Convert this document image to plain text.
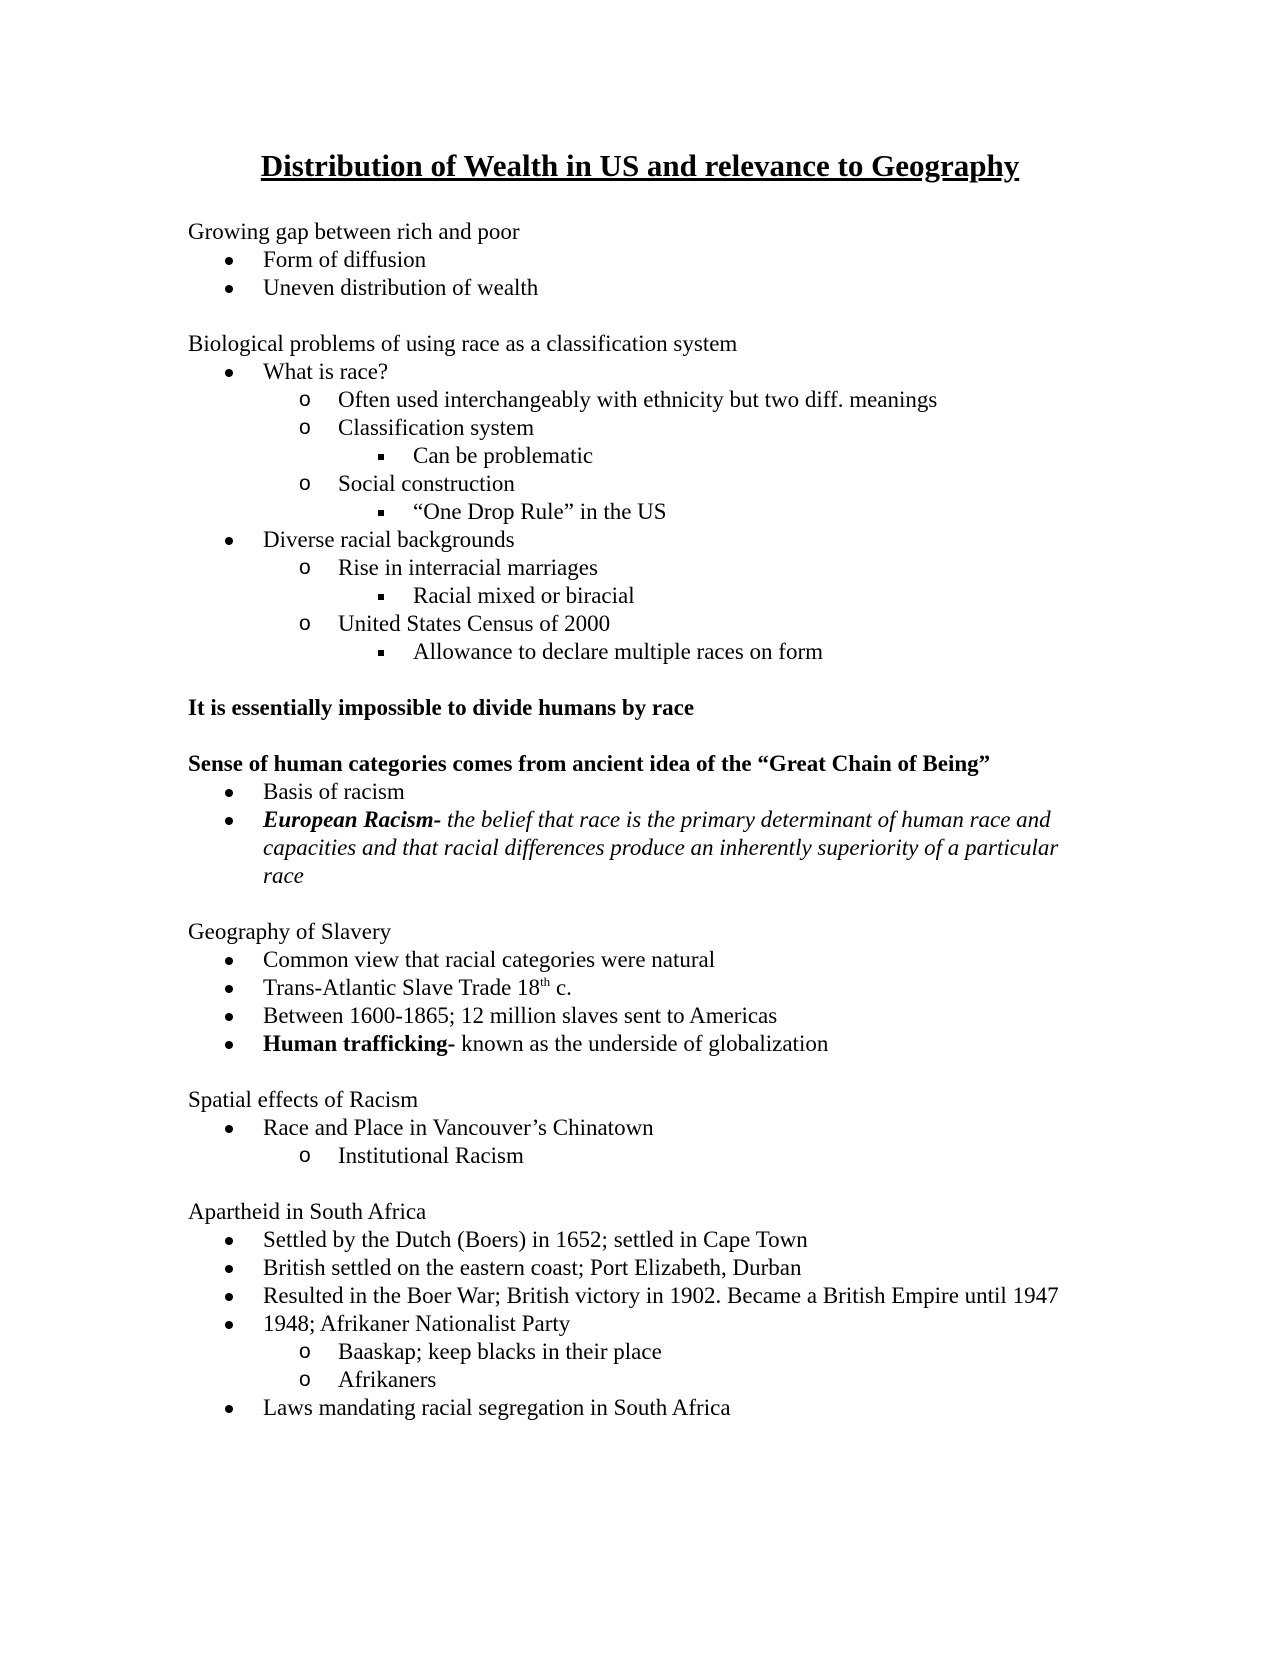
Distribution of Wealth in US and relevance to Geography

Growing gap between rich and poor

Form of diffusion
Uneven distribution of wealth

Biological problems of using race as a classification system

What is race?
o Often used interchangeably with ethnicity but two diff. meanings
o Classification system
Can be problematic
o Social construction
“One Drop Rule” in the US
Diverse racial backgrounds
o Rise in interracial marriages
Racial mixed or biracial
o United States Census of 2000
Allowance to declare multiple races on form

It is essentially impossible to divide humans by race

Sense of human categories comes from ancient idea of the “Great Chain of Being”

Basis of racism
European Racism- the belief that race is the primary determinant of human race and capacities and that racial differences produce an inherently superiority of a particular race

Geography of Slavery

Common view that racial categories were natural
Trans-Atlantic Slave Trade 18th c.
Between 1600-1865; 12 million slaves sent to Americas
Human trafficking- known as the underside of globalization

Spatial effects of Racism

Race and Place in Vancouver’s Chinatown
o Institutional Racism

Apartheid in South Africa

Settled by the Dutch (Boers) in 1652; settled in Cape Town
British settled on the eastern coast; Port Elizabeth, Durban
Resulted in the Boer War; British victory in 1902. Became a British Empire until 1947
1948; Afrikaner Nationalist Party
o Baaskap; keep blacks in their place
o Afrikaners
Laws mandating racial segregation in South Africa
